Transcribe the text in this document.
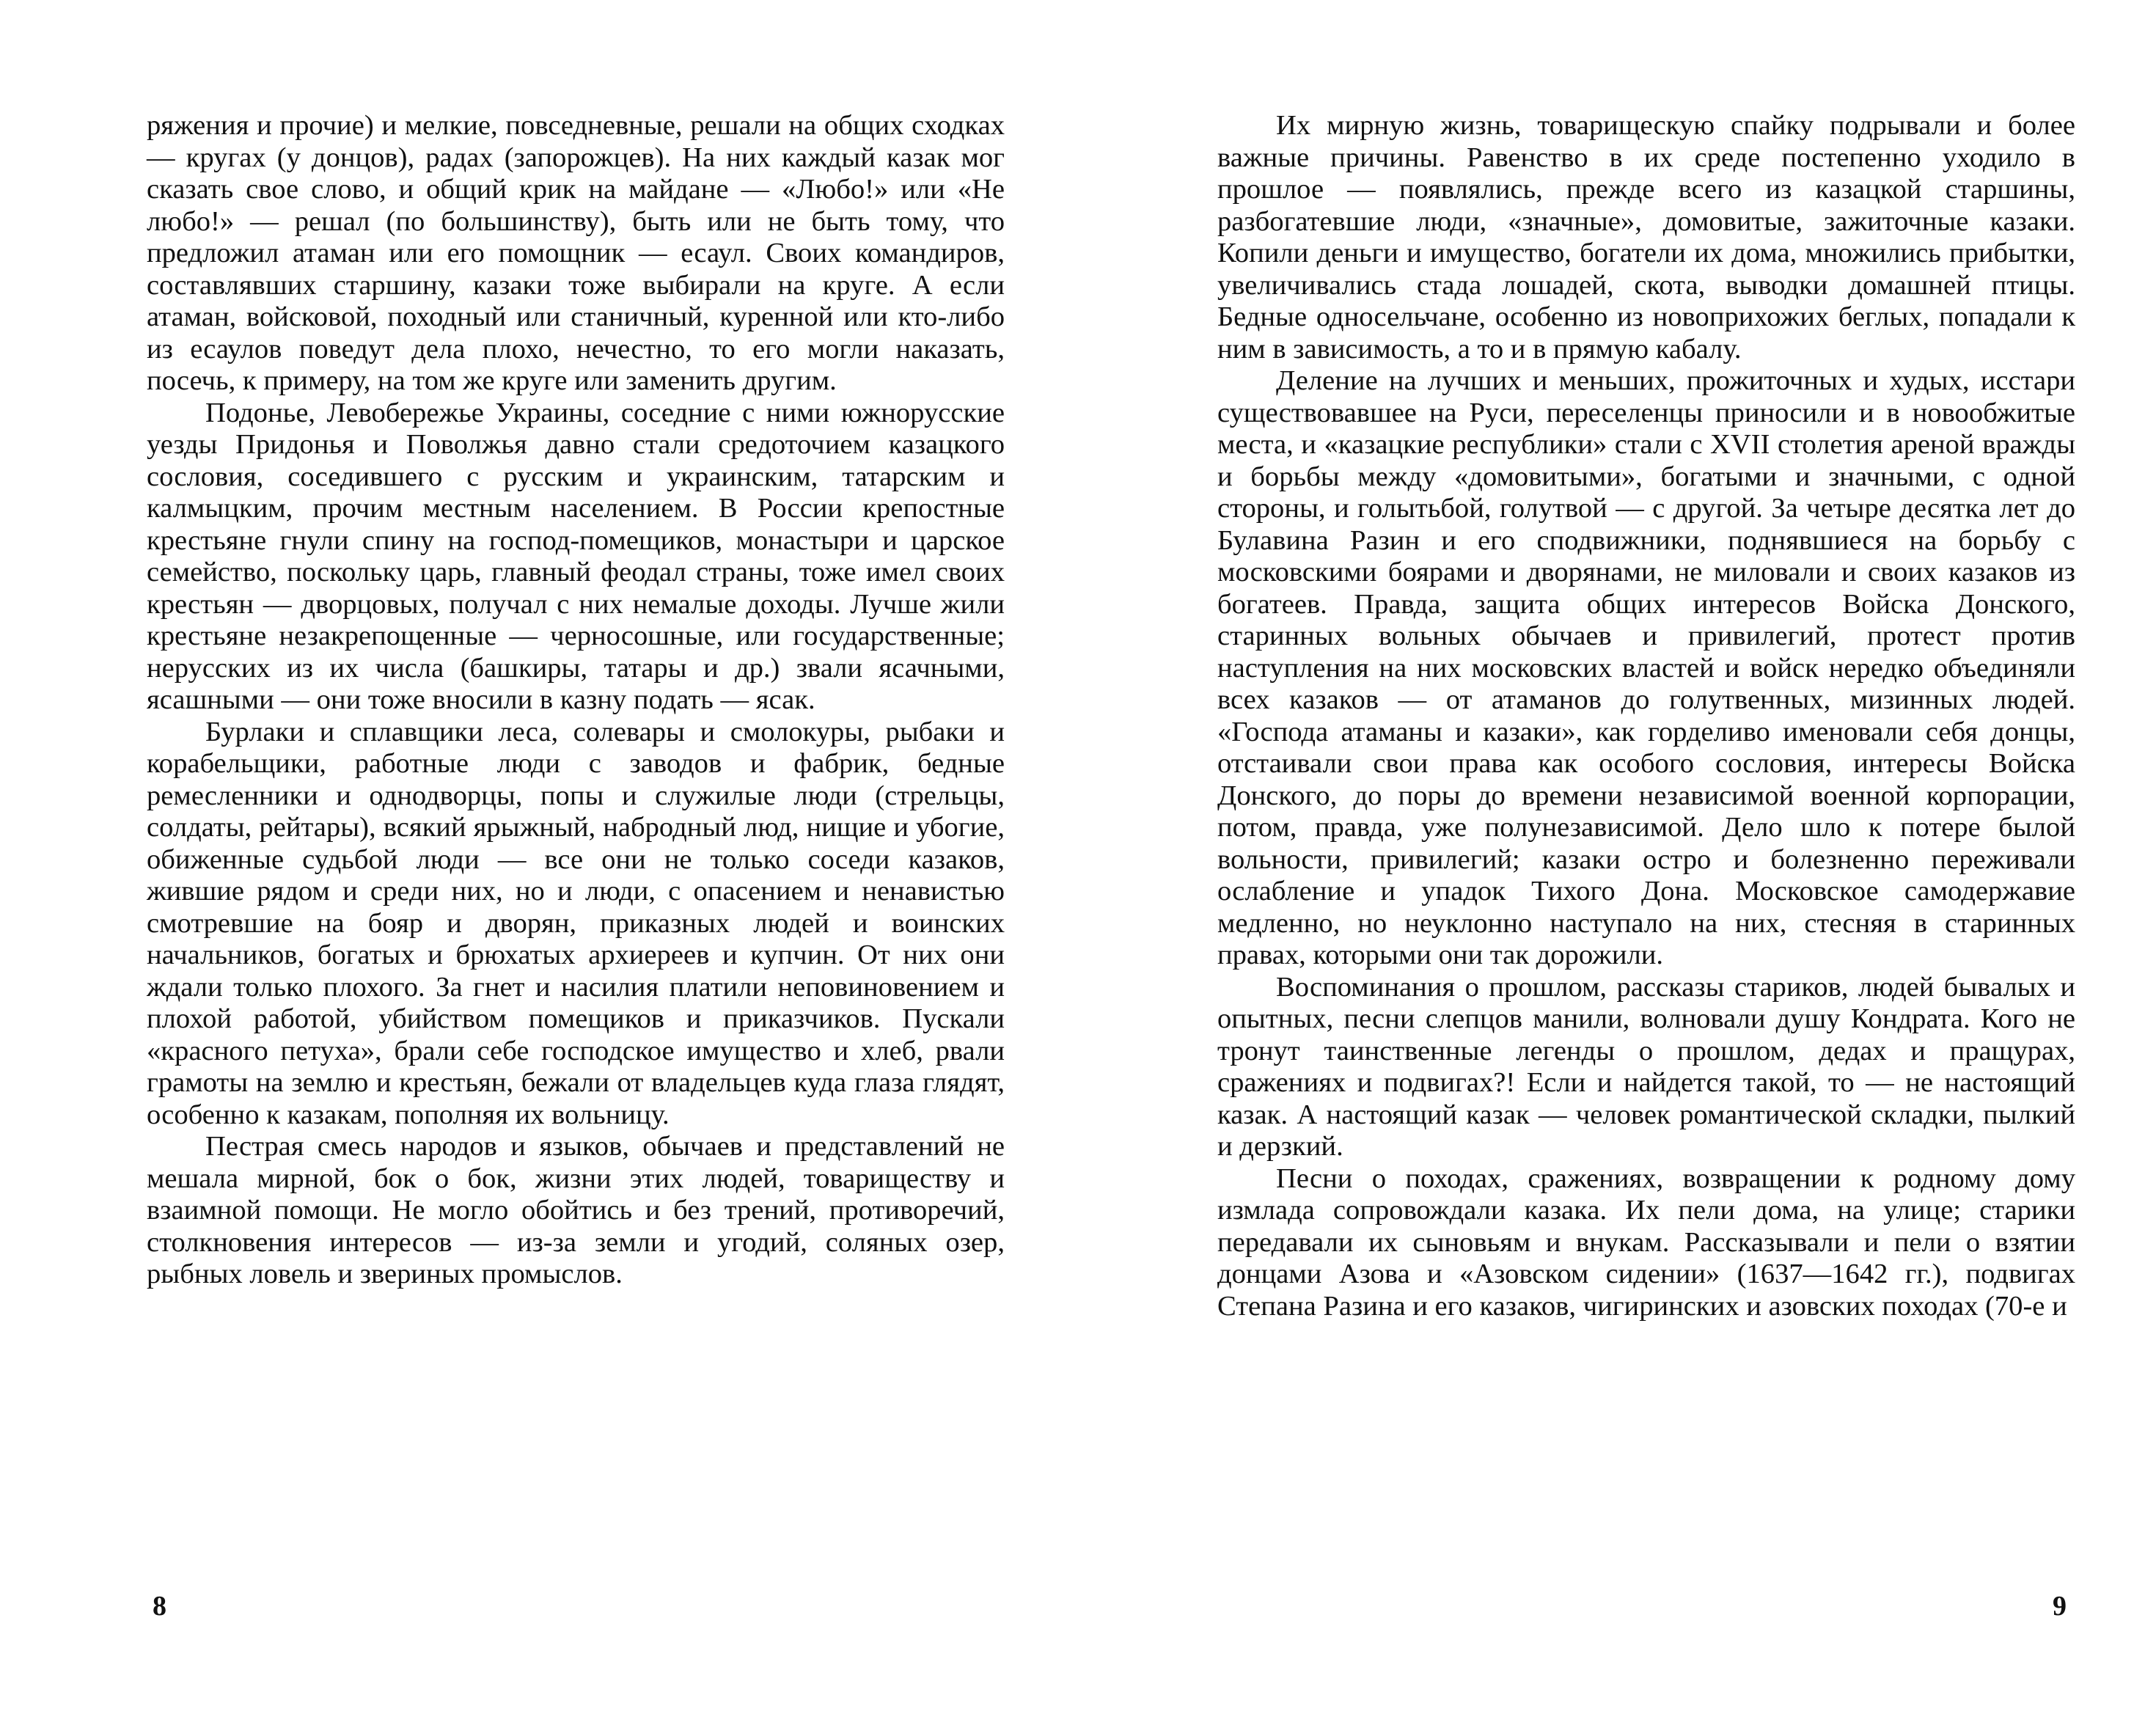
ряжения и прочие) и мелкие, повседневные, решали на общих сходках — кругах (у донцов), радах (запорожцев). На них каждый казак мог сказать свое слово, и общий крик на майдане — «Любо!» или «Не любо!» — решал (по большинству), быть или не быть тому, что предложил атаман или его помощник — есаул. Своих командиров, составлявших старшину, казаки тоже выбирали на круге. А если атаман, войсковой, походный или станичный, куренной или кто-либо из есаулов поведут дела плохо, нечестно, то его могли наказать, посечь, к примеру, на том же круге или заменить другим.

Подонье, Левобережье Украины, соседние с ними южнорусские уезды Придонья и Поволжья давно стали средоточием казацкого сословия, соседившего с русским и украинским, татарским и калмыцким, прочим местным населением. В России крепостные крестьяне гнули спину на господ-помещиков, монастыри и царское семейство, поскольку царь, главный феодал страны, тоже имел своих крестьян — дворцовых, получал с них немалые доходы. Лучше жили крестьяне незакрепощенные — черносошные, или государственные; нерусских из их числа (башкиры, татары и др.) звали ясачными, ясашными — они тоже вносили в казну подать — ясак.

Бурлаки и сплавщики леса, солевары и смолокуры, рыбаки и корабельщики, работные люди с заводов и фабрик, бедные ремесленники и однодворцы, попы и служилые люди (стрельцы, солдаты, рейтары), всякий ярыжный, набродный люд, нищие и убогие, обиженные судьбой люди — все они не только соседи казаков, жившие рядом и среди них, но и люди, с опасением и ненавистью смотревшие на бояр и дворян, приказных людей и воинских начальников, богатых и брюхатых архиереев и купчин. От них они ждали только плохого. За гнет и насилия платили неповиновением и плохой работой, убийством помещиков и приказчиков. Пускали «красного петуха», брали себе господское имущество и хлеб, рвали грамоты на землю и крестьян, бежали от владельцев куда глаза глядят, особенно к казакам, пополняя их вольницу.

Пестрая смесь народов и языков, обычаев и представлений не мешала мирной, бок о бок, жизни этих людей, товариществу и взаимной помощи. Не могло обойтись и без трений, противоречий, столкновения интересов — из-за земли и угодий, соляных озер, рыбных ловель и звериных промыслов.

8

Их мирную жизнь, товарищескую спайку подрывали и более важные причины. Равенство в их среде постепенно уходило в прошлое — появлялись, прежде всего из казацкой старшины, разбогатевшие люди, «значные», домовитые, зажиточные казаки. Копили деньги и имущество, богатели их дома, множились прибытки, увеличивались стада лошадей, скота, выводки домашней птицы. Бедные односельчане, особенно из новоприхожих беглых, попадали к ним в зависимость, а то и в прямую кабалу.

Деление на лучших и меньших, прожиточных и худых, исстари существовавшее на Руси, переселенцы приносили и в новообжитые места, и «казацкие республики» стали с XVII столетия ареной вражды и борьбы между «домовитыми», богатыми и значными, с одной стороны, и голытьбой, голутвой — с другой. За четыре десятка лет до Булавина Разин и его сподвижники, поднявшиеся на борьбу с московскими боярами и дворянами, не миловали и своих казаков из богатеев. Правда, защита общих интересов Войска Донского, старинных вольных обычаев и привилегий, протест против наступления на них московских властей и войск нередко объединяли всех казаков — от атаманов до голутвенных, мизинных людей. «Господа атаманы и казаки», как горделиво именовали себя донцы, отстаивали свои права как особого сословия, интересы Войска Донского, до поры до времени независимой военной корпорации, потом, правда, уже полунезависимой. Дело шло к потере былой вольности, привилегий; казаки остро и болезненно переживали ослабление и упадок Тихого Дона. Московское самодержавие медленно, но неуклонно наступало на них, стесняя в старинных правах, которыми они так дорожили.

Воспоминания о прошлом, рассказы стариков, людей бывалых и опытных, песни слепцов манили, волновали душу Кондрата. Кого не тронут таинственные легенды о прошлом, дедах и пращурах, сражениях и подвигах?! Если и найдется такой, то — не настоящий казак. А настоящий казак — человек романтической складки, пылкий и дерзкий.

Песни о походах, сражениях, возвращении к родному дому измлада сопровождали казака. Их пели дома, на улице; старики передавали их сыновьям и внукам. Рассказывали и пели о взятии донцами Азова и «Азовском сидении» (1637—1642 гг.), подвигах Степана Разина и его казаков, чигиринских и азовских походах (70-е и

9
